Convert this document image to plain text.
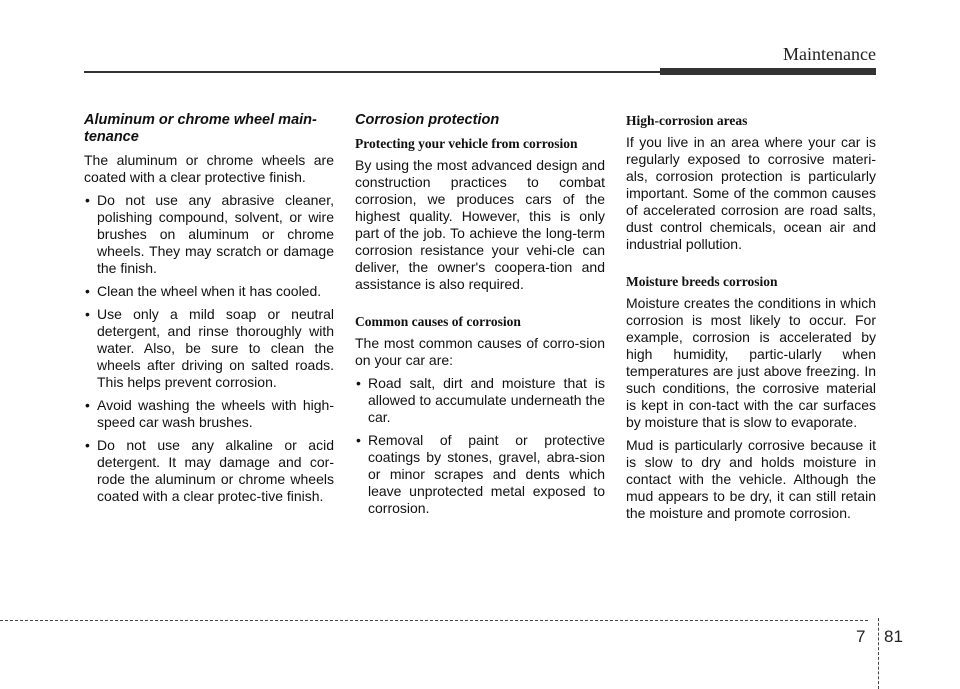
Maintenance
Aluminum or chrome wheel main-tenance

The aluminum or chrome wheels are coated with a clear protective finish.

• Do not use any abrasive cleaner, polishing compound, solvent, or wire brushes on aluminum or chrome wheels. They may scratch or damage the finish.
• Clean the wheel when it has cooled.
• Use only a mild soap or neutral detergent, and rinse thoroughly with water. Also, be sure to clean the wheels after driving on salted roads. This helps prevent corrosion.
• Avoid washing the wheels with high-speed car wash brushes.
• Do not use any alkaline or acid detergent. It may damage and cor-rode the aluminum or chrome wheels coated with a clear protec-tive finish.
Corrosion protection
Protecting your vehicle from corrosion

By using the most advanced design and construction practices to combat corrosion, we produces cars of the highest quality. However, this is only part of the job. To achieve the long-term corrosion resistance your vehi-cle can deliver, the owner's coopera-tion and assistance is also required.

Common causes of corrosion

The most common causes of corro-sion on your car are:

• Road salt, dirt and moisture that is allowed to accumulate underneath the car.
• Removal of paint or protective coatings by stones, gravel, abra-sion or minor scrapes and dents which leave unprotected metal exposed to corrosion.
High-corrosion areas

If you live in an area where your car is regularly exposed to corrosive materi-als, corrosion protection is particularly important. Some of the common causes of accelerated corrosion are road salts, dust control chemicals, ocean air and industrial pollution.

Moisture breeds corrosion

Moisture creates the conditions in which corrosion is most likely to occur. For example, corrosion is accelerated by high humidity, partic-ularly when temperatures are just above freezing. In such conditions, the corrosive material is kept in con-tact with the car surfaces by moisture that is slow to evaporate.

Mud is particularly corrosive because it is slow to dry and holds moisture in contact with the vehicle. Although the mud appears to be dry, it can still retain the moisture and promote corrosion.

7 81
